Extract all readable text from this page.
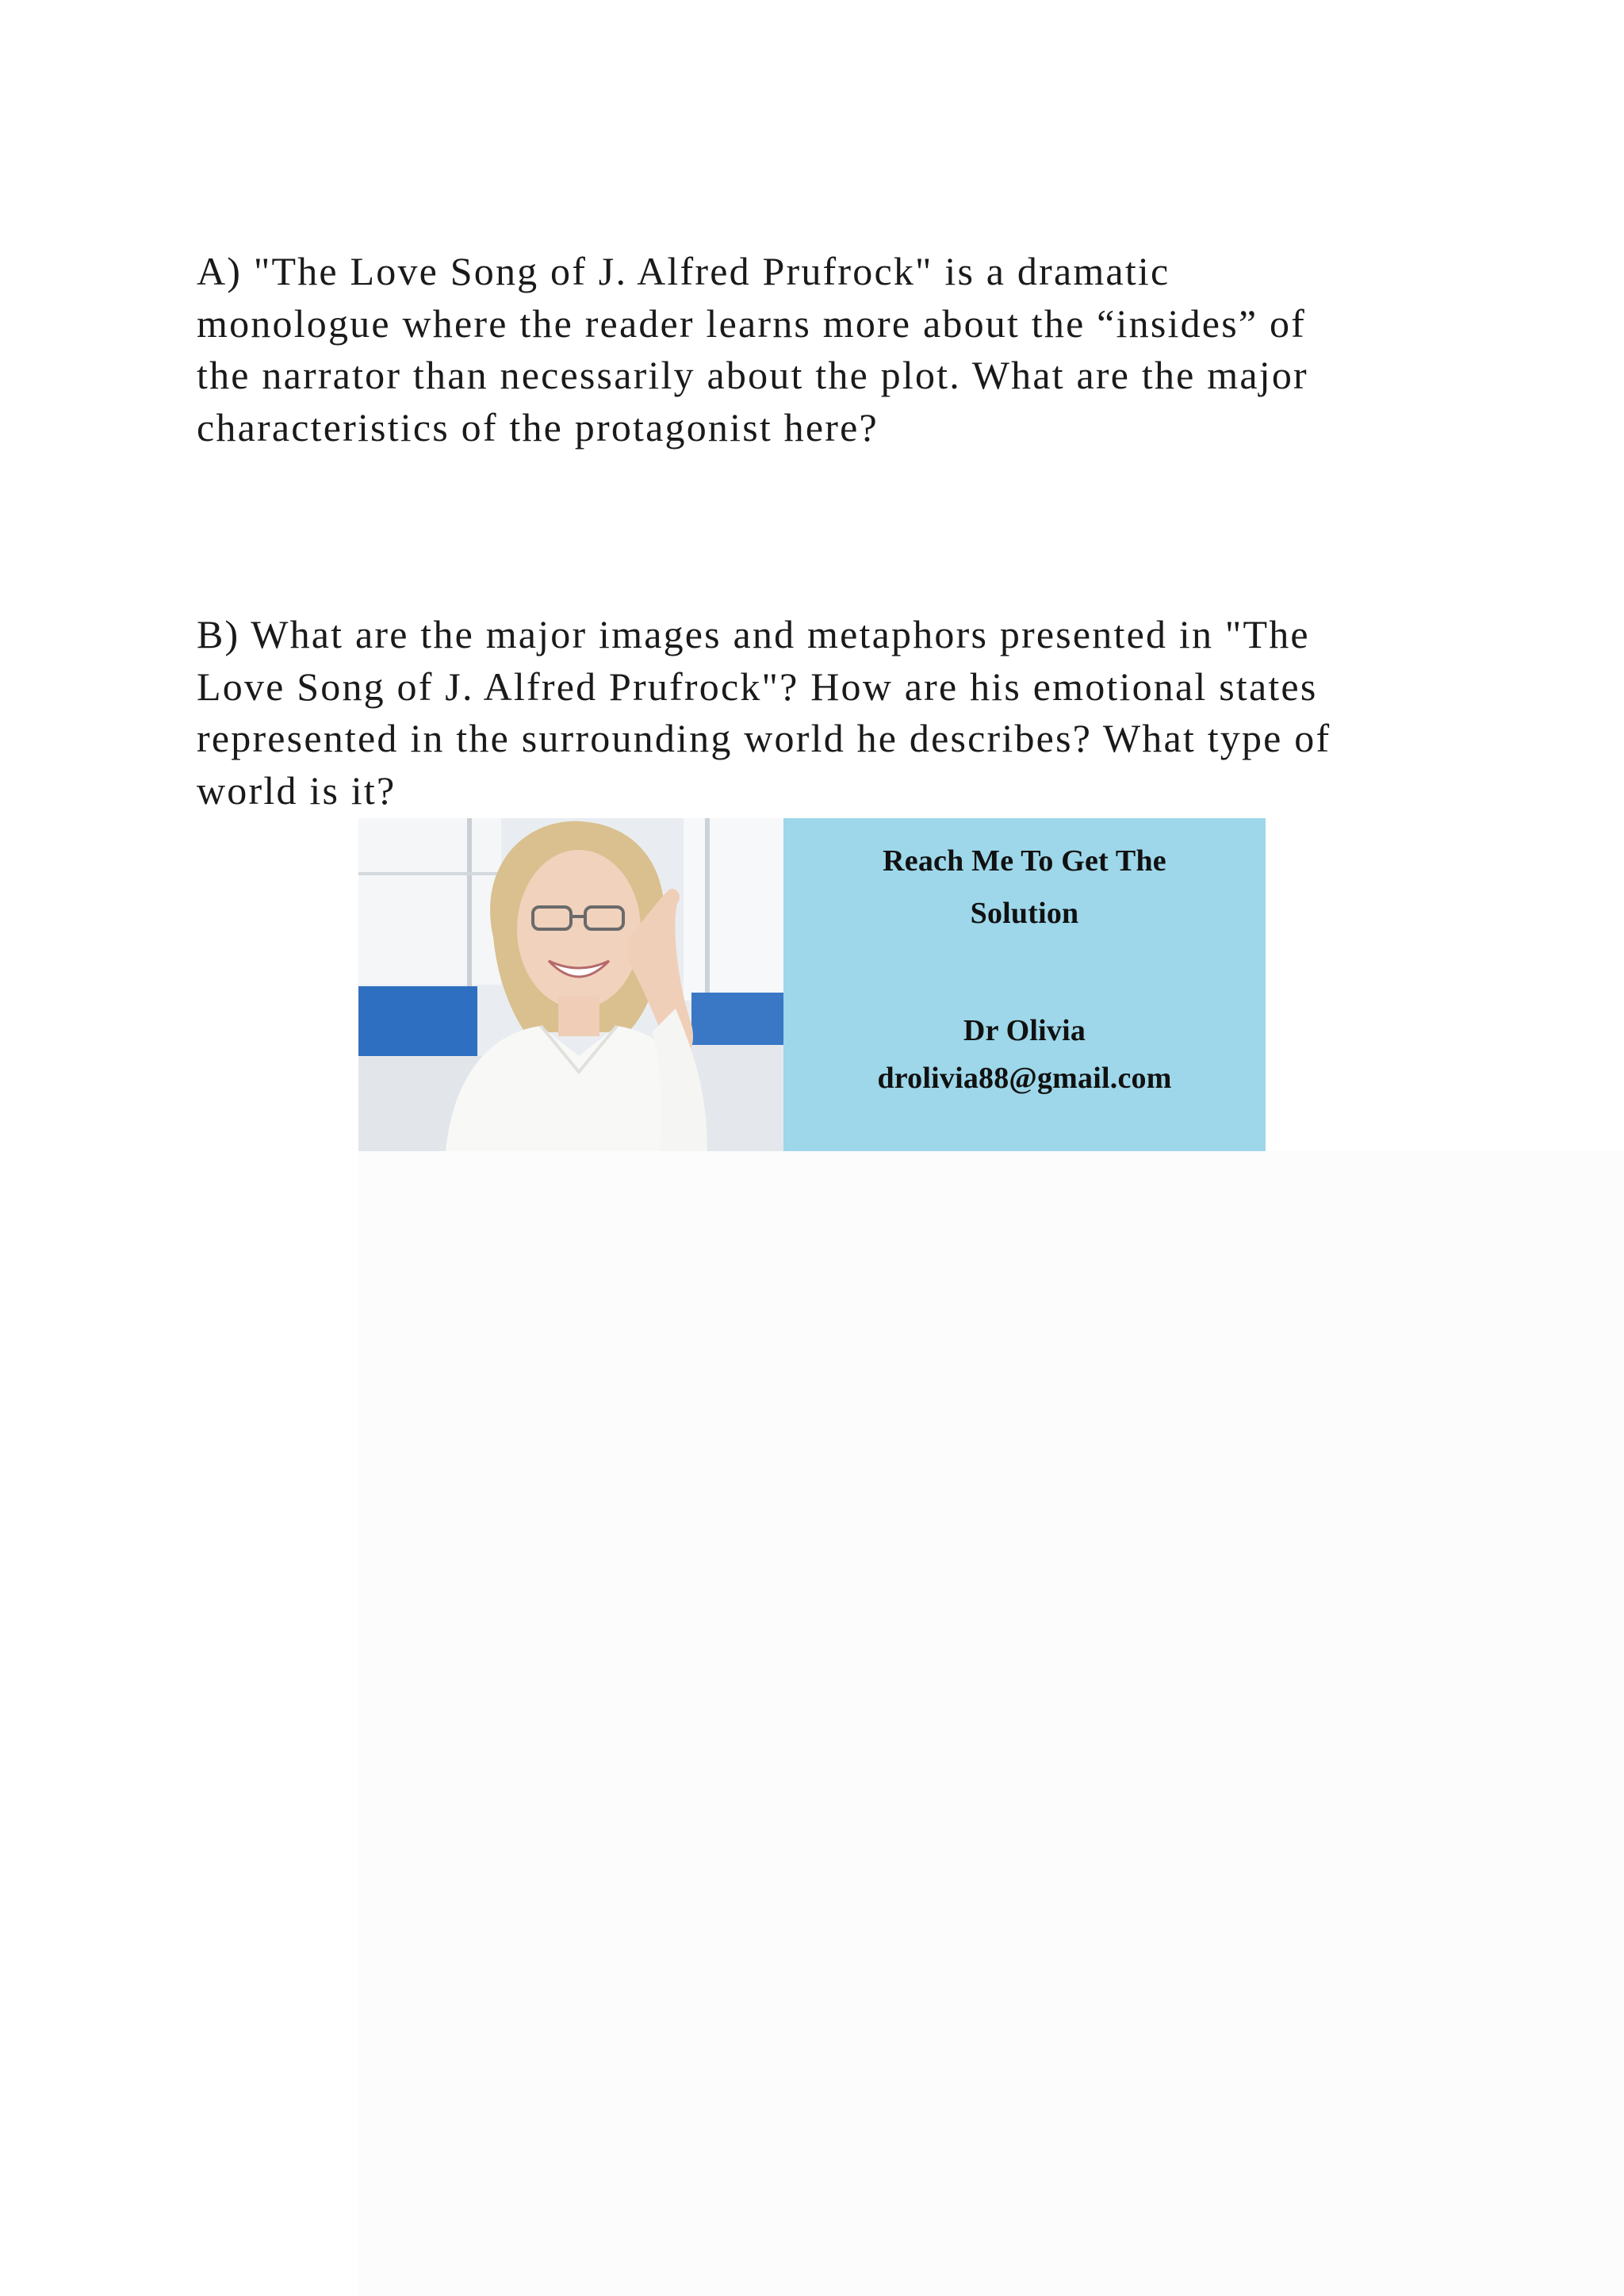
A) "The Love Song of J. Alfred Prufrock" is a dramatic
monologue where the reader learns more about the “insides” of
the narrator than necessarily about the plot. What are the major
characteristics of the protagonist here?

B) What are the major images and metaphors presented in "The
Love Song of J. Alfred Prufrock"? How are his emotional states
represented in the surrounding world he describes? What type of
world is it?

Reach Me To Get The
Solution
Dr Olivia
drolivia88@gmail.com
